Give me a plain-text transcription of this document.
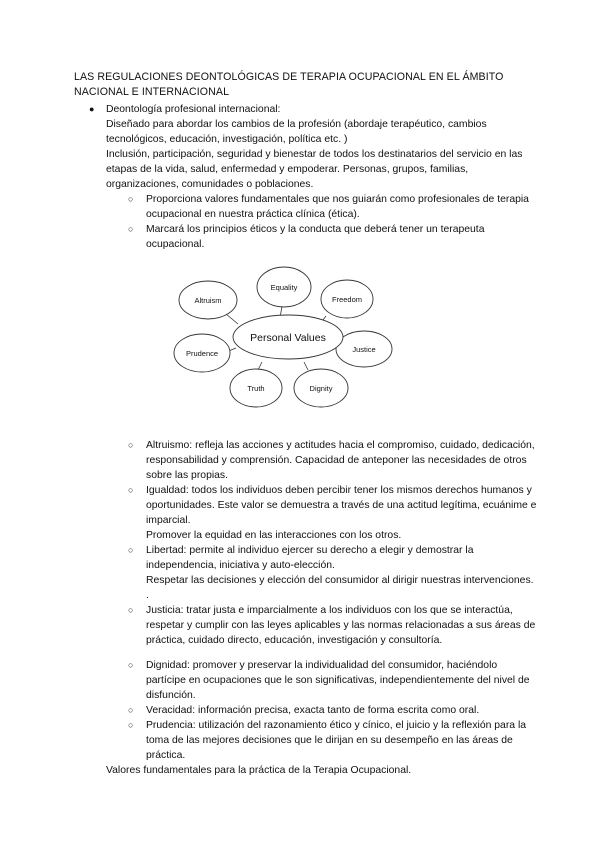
LAS REGULACIONES DEONTOLÓGICAS DE TERAPIA OCUPACIONAL EN EL ÁMBITO NACIONAL E INTERNACIONAL
● Deontología profesional internacional:
Diseñado para abordar los cambios de la profesión (abordaje terapéutico, cambios tecnológicos, educación, investigación, política etc. )
Inclusión, participación, seguridad y bienestar de todos los destinatarios del servicio en las etapas de la vida, salud, enfermedad y empoderar. Personas, grupos, familias, organizaciones, comunidades o poblaciones.
○ Proporciona valores fundamentales que nos guiarán como profesionales de terapia ocupacional en nuestra práctica clínica (ética).
○ Marcará los principios éticos y la conducta que deberá tener un terapeuta ocupacional.
Personal Values
Equality
Freedom
Justice
Dignity
Truth
Prudence
Altruism
○ Altruismo: refleja las acciones y actitudes hacia el compromiso, cuidado, dedicación, responsabilidad y comprensión. Capacidad de anteponer las necesidades de otros sobre las propias.
○ Igualdad: todos los individuos deben percibir tener los mismos derechos humanos y oportunidades. Este valor se demuestra a través de una actitud legítima, ecuánime e imparcial.
Promover la equidad en las interacciones con los otros.
○ Libertad: permite al individuo ejercer su derecho a elegir y demostrar la independencia, iniciativa y auto-elección.
Respetar las decisiones y elección del consumidor al dirigir nuestras intervenciones. .
○ Justicia: tratar justa e imparcialmente a los individuos con los que se interactúa, respetar y cumplir con las leyes aplicables y las normas relacionadas a sus áreas de práctica, cuidado directo, educación, investigación y consultoría.
○ Dignidad: promover y preservar la individualidad del consumidor, haciéndolo partícipe en ocupaciones que le son significativas, independientemente del nivel de disfunción.
○ Veracidad: información precisa, exacta tanto de forma escrita como oral.
○ Prudencia: utilización del razonamiento ético y cínico, el juicio y la reflexión para la toma de las mejores decisiones que le dirijan en su desempeño en las áreas de práctica.
Valores fundamentales para la práctica de la Terapia Ocupacional.
